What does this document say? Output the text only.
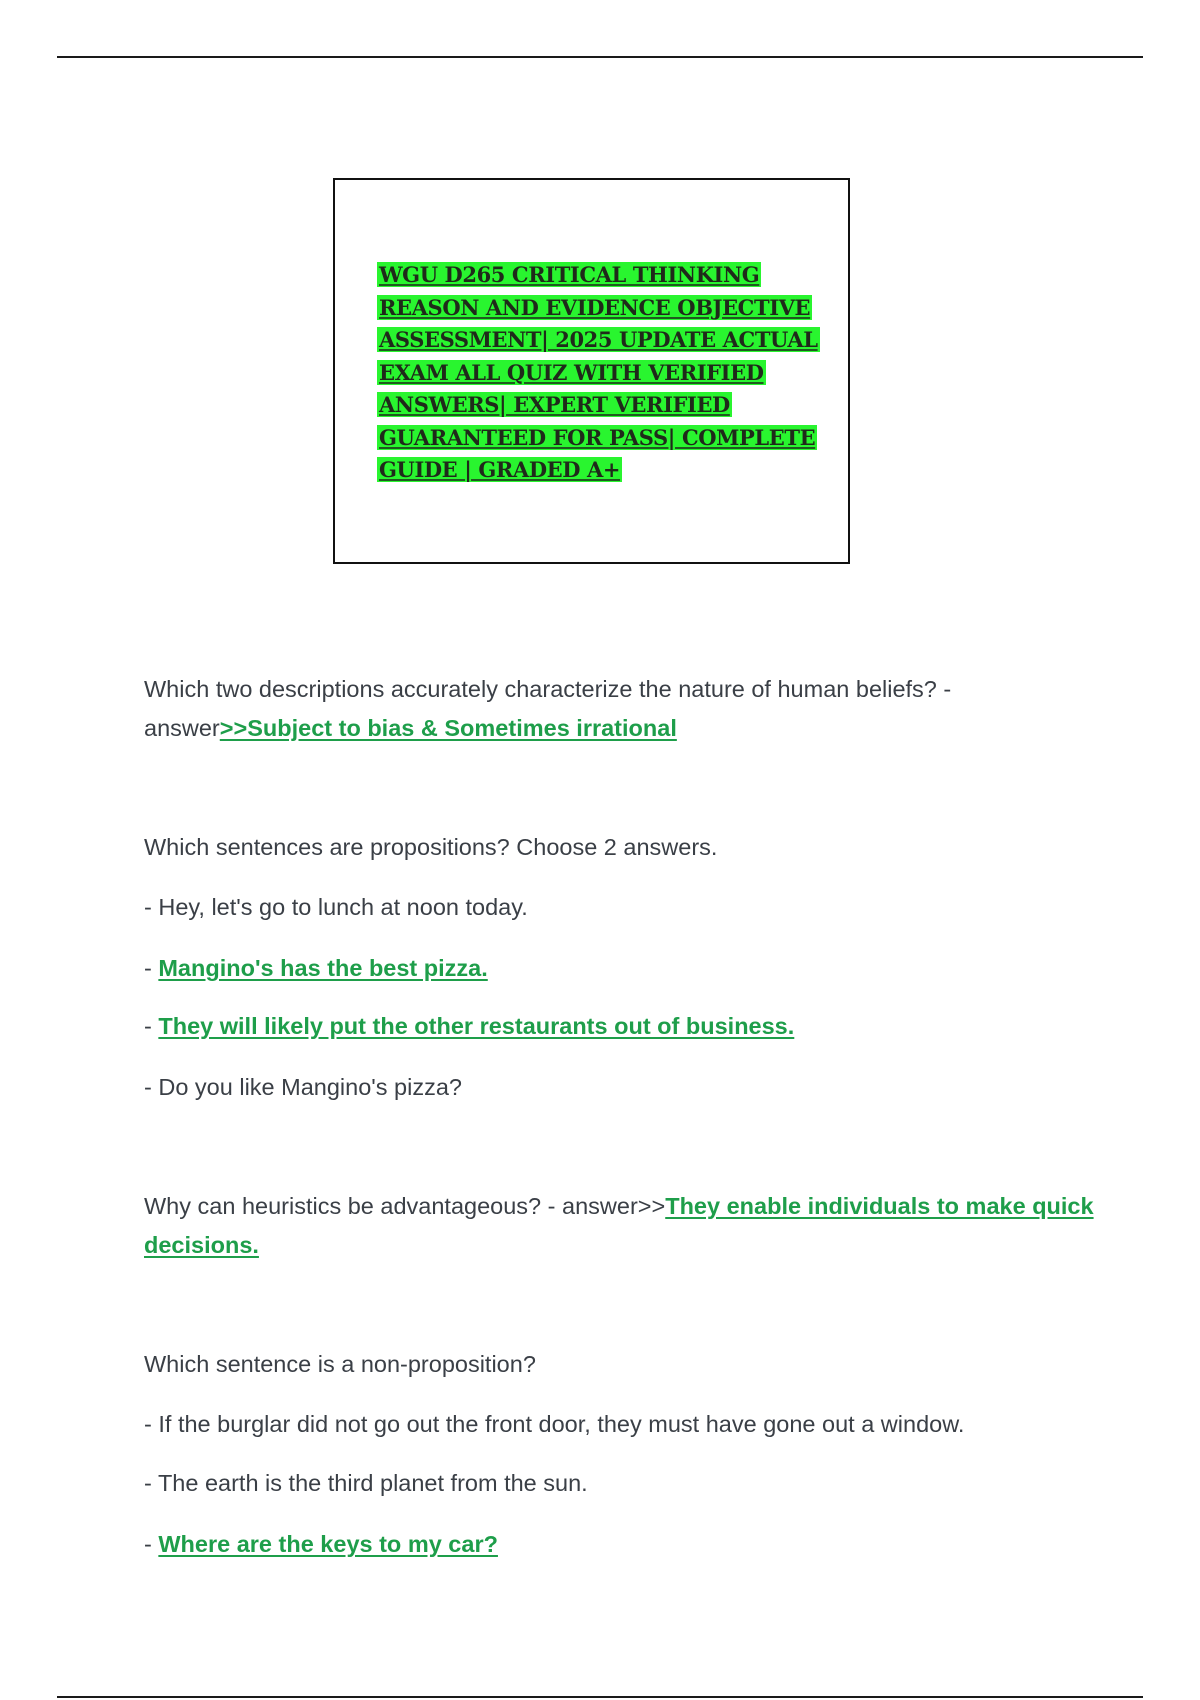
WGU D265 CRITICAL THINKING REASON AND EVIDENCE OBJECTIVE ASSESSMENT| 2025 UPDATE ACTUAL EXAM ALL QUIZ WITH VERIFIED ANSWERS| EXPERT VERIFIED GUARANTEED FOR PASS| COMPLETE GUIDE | GRADED A+

Which two descriptions accurately characterize the nature of human beliefs? - answer>>Subject to bias & Sometimes irrational

Which sentences are propositions? Choose 2 answers.

- Hey, let's go to lunch at noon today.

- Mangino's has the best pizza.

- They will likely put the other restaurants out of business.

- Do you like Mangino's pizza?

Why can heuristics be advantageous? - answer>>They enable individuals to make quick decisions.

Which sentence is a non-proposition?

- If the burglar did not go out the front door, they must have gone out a window.

- The earth is the third planet from the sun.

- Where are the keys to my car?
